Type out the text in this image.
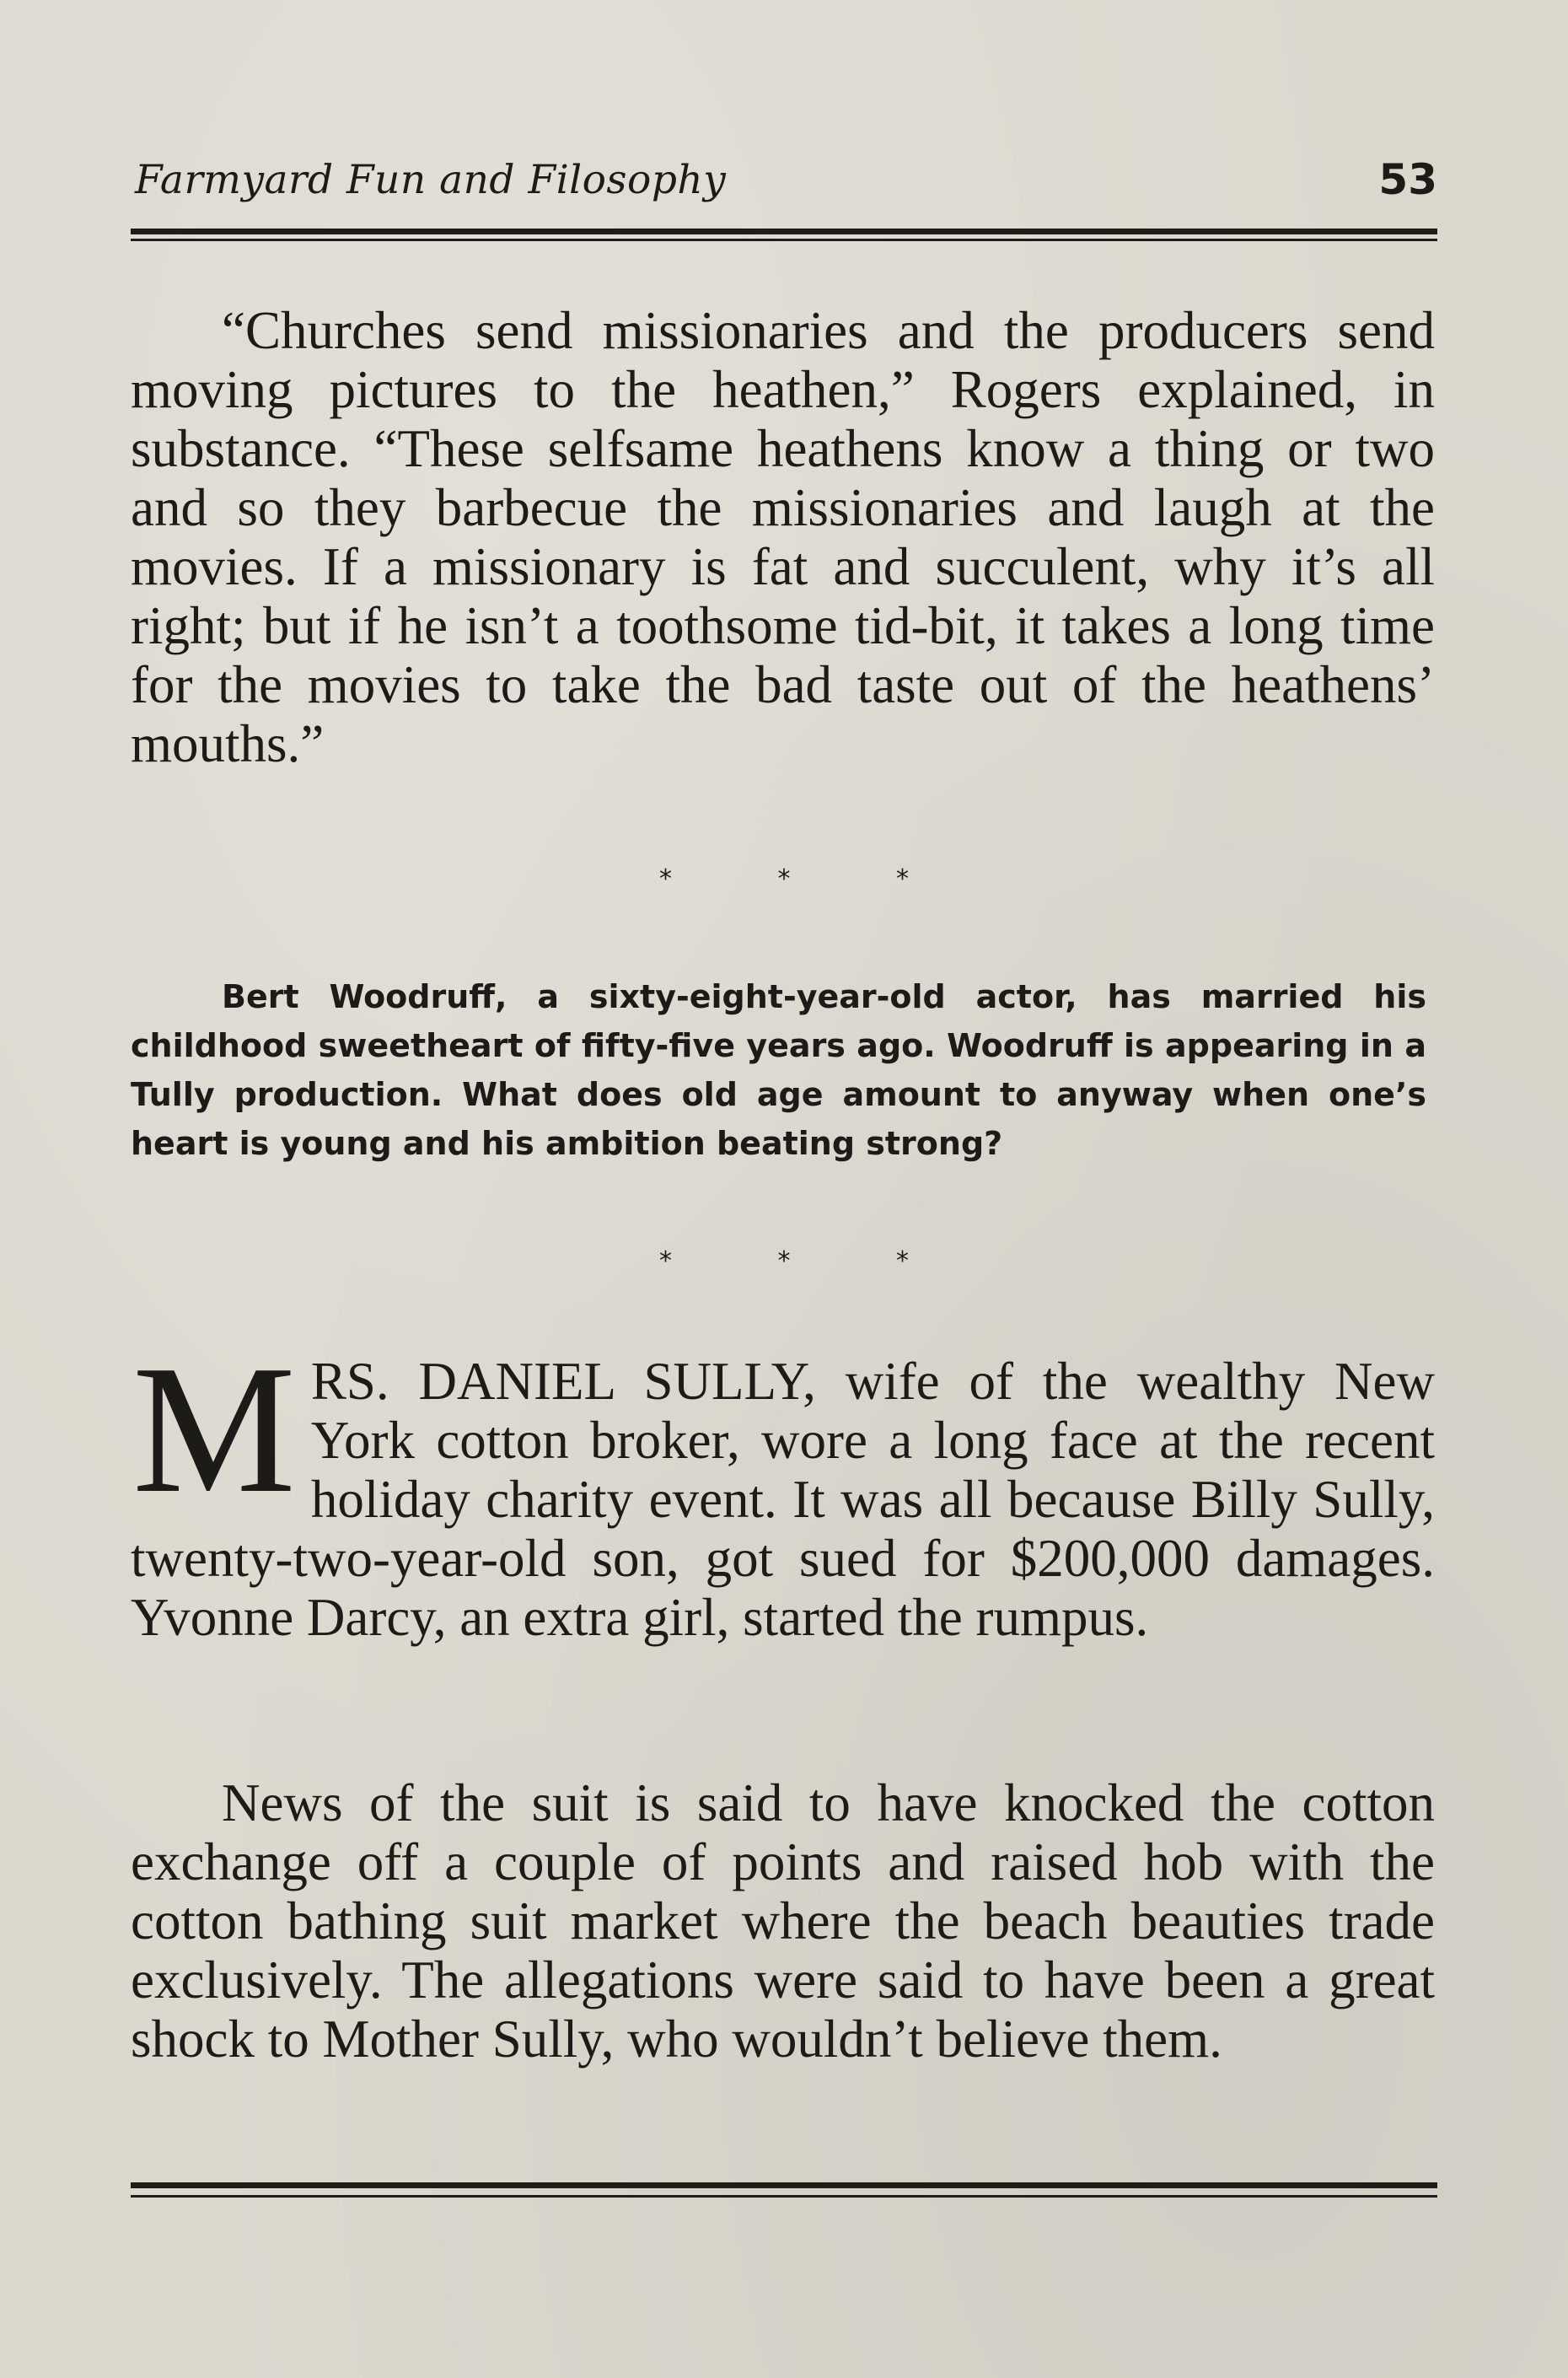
Farmyard Fun and Filosophy	53

“Churches send missionaries and the producers send moving pictures to the heathen,” Rogers explained, in substance. “These selfsame heathens know a thing or two and so they barbecue the missionaries and laugh at the movies. If a missionary is fat and succulent, why it’s all right; but if he isn’t a toothsome tid-bit, it takes a long time for the movies to take the bad taste out of the heathens’ mouths.”

* * *

Bert Woodruff, a sixty-eight-year-old actor, has married his childhood sweetheart of fifty-five years ago. Woodruff is appearing in a Tully production. What does old age amount to anyway when one’s heart is young and his ambition beating strong?

* * *

MRS. DANIEL SULLY, wife of the wealthy New York cotton broker, wore a long face at the recent holiday charity event. It was all because Billy Sully, twenty-two-year-old son, got sued for $200,000 damages. Yvonne Darcy, an extra girl, started the rumpus.

News of the suit is said to have knocked the cotton exchange off a couple of points and raised hob with the cotton bathing suit market where the beach beauties trade exclusively. The allegations were said to have been a great shock to Mother Sully, who wouldn’t believe them.
